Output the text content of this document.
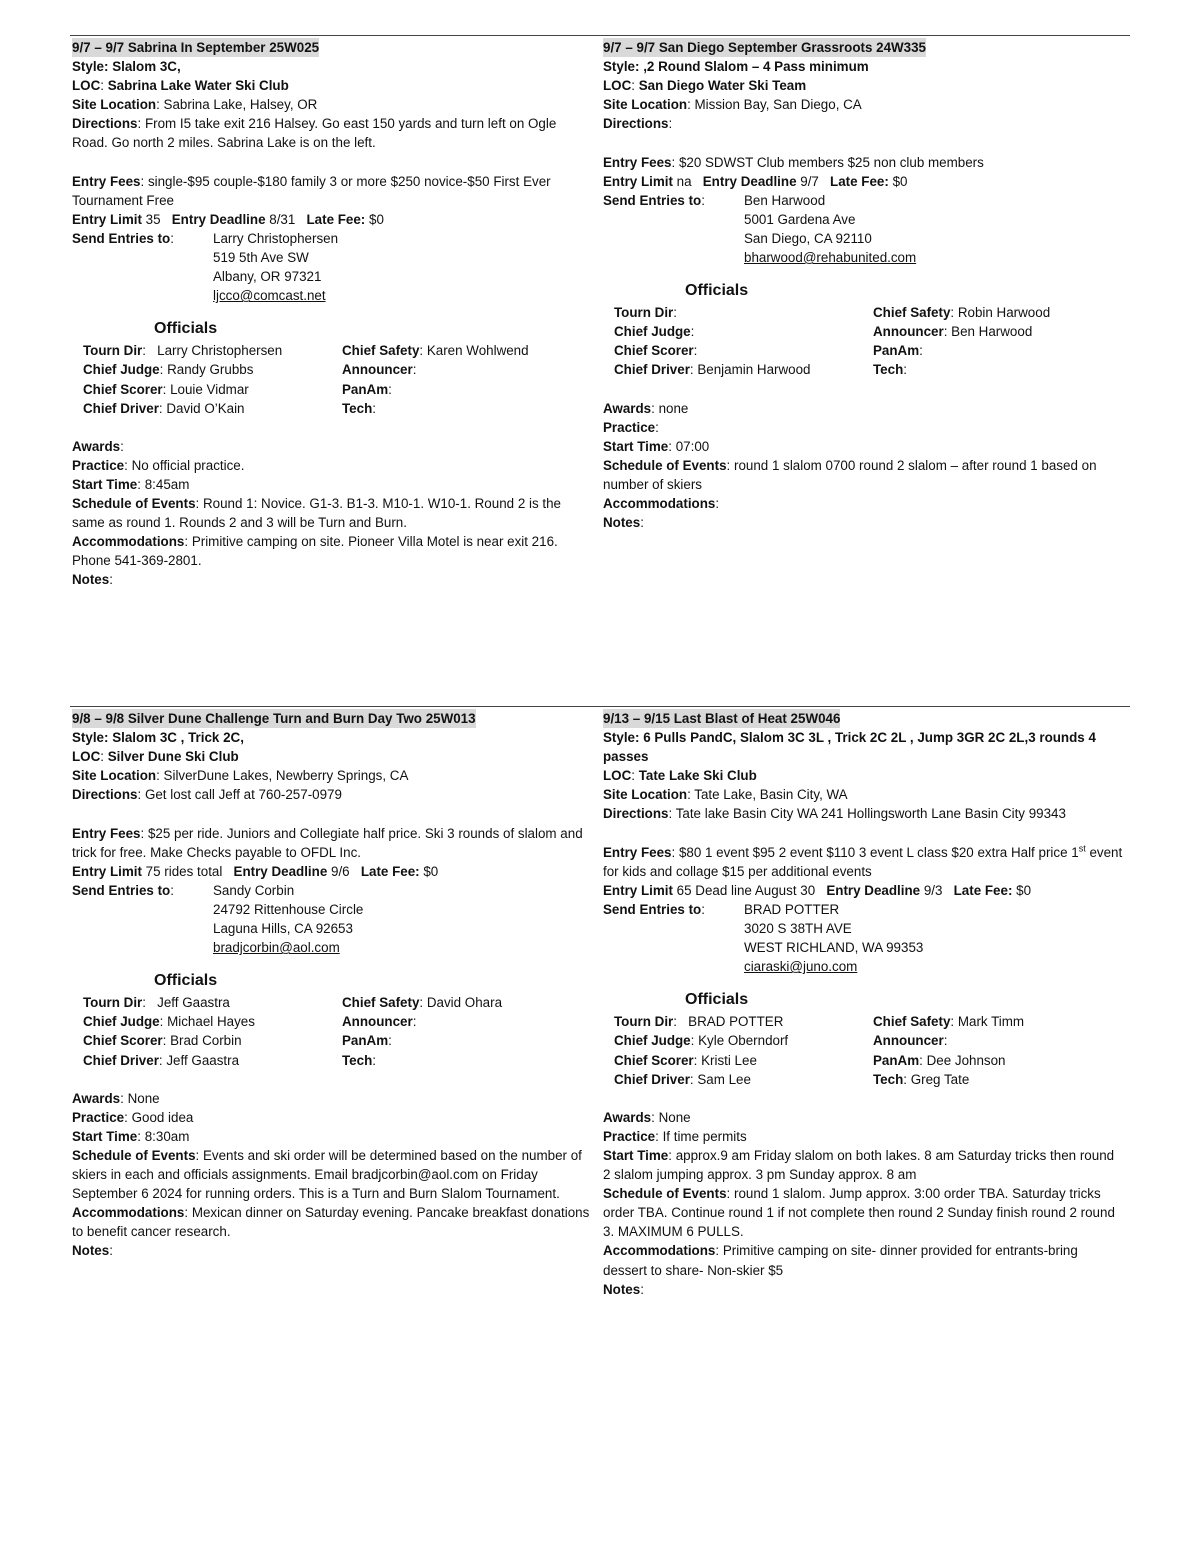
9/7 – 9/7 Sabrina In September 25W025

Style: Slalom 3C,

LOC: Sabrina Lake Water Ski Club

Site Location: Sabrina Lake, Halsey, OR

Directions: From I5 take exit 216 Halsey. Go east 150 yards and turn left on Ogle Road. Go north 2 miles. Sabrina Lake is on the left.

Entry Fees: single-$95 couple-$180 family 3 or more $250 novice-$50 First Ever Tournament Free

Entry Limit 35 Entry Deadline 8/31 Late Fee: $0

Send Entries to:	Larry Christophersen
519 5th Ave SW
Albany, OR 97321
ljcco@comcast.net
Officials
Tourn Dir:   Larry Christophersen	Chief Safety: Karen Wohlwend
Chief Judge: Randy Grubbs	Announcer:
Chief Scorer: Louie Vidmar	PanAm:
Chief Driver: David O’Kain	Tech:

Awards:

Practice: No official practice.

Start Time: 8:45am

Schedule of Events: Round 1: Novice. G1-3. B1-3. M10-1. W10-1. Round 2 is the same as round 1. Rounds 2 and 3 will be Turn and Burn.

Accommodations: Primitive camping on site. Pioneer Villa Motel is near exit 216. Phone 541-369-2801.

Notes:

9/7 – 9/7 San Diego September Grassroots 24W335

Style: ,2 Round Slalom – 4 Pass minimum

LOC: San Diego Water Ski Team

Site Location: Mission Bay, San Diego, CA

Directions:

Entry Fees: $20 SDWST Club members $25 non club members

Entry Limit na Entry Deadline 9/7 Late Fee: $0

Send Entries to:	Ben Harwood
5001 Gardena Ave
San Diego, CA 92110
bharwood@rehabunited.com
Officials
Tourn Dir:	Chief Safety: Robin Harwood
Chief Judge:	Announcer: Ben Harwood
Chief Scorer:	PanAm:
Chief Driver: Benjamin Harwood	Tech:

Awards: none

Practice:

Start Time: 07:00

Schedule of Events: round 1 slalom 0700 round 2 slalom – after round 1 based on number of skiers

Accommodations:

Notes:

9/8 – 9/8 Silver Dune Challenge Turn and Burn Day Two 25W013

Style: Slalom 3C , Trick 2C,

LOC: Silver Dune Ski Club

Site Location: SilverDune Lakes, Newberry Springs, CA

Directions: Get lost call Jeff at 760-257-0979

Entry Fees: $25 per ride. Juniors and Collegiate half price. Ski 3 rounds of slalom and trick for free. Make Checks payable to OFDL Inc.

Entry Limit 75 rides total Entry Deadline 9/6 Late Fee: $0

Send Entries to:	Sandy Corbin
24792 Rittenhouse Circle
Laguna Hills, CA 92653
bradjcorbin@aol.com
Officials
Tourn Dir:   Jeff Gaastra	Chief Safety: David Ohara
Chief Judge: Michael Hayes	Announcer:
Chief Scorer: Brad Corbin	PanAm:
Chief Driver: Jeff Gaastra	Tech:

Awards: None

Practice: Good idea

Start Time: 8:30am

Schedule of Events: Events and ski order will be determined based on the number of skiers in each and officials assignments. Email bradjcorbin@aol.com on Friday September 6 2024 for running orders. This is a Turn and Burn Slalom Tournament.

Accommodations: Mexican dinner on Saturday evening. Pancake breakfast donations to benefit cancer research.

Notes:

9/13 – 9/15 Last Blast of Heat 25W046

Style: 6 Pulls PandC, Slalom 3C 3L , Trick 2C 2L , Jump 3GR 2C 2L,3 rounds 4 passes

LOC: Tate Lake Ski Club

Site Location: Tate Lake, Basin City, WA

Directions: Tate lake Basin City WA 241 Hollingsworth Lane Basin City 99343

Entry Fees: $80 1 event $95 2 event $110 3 event L class $20 extra Half price 1st event for kids and collage $15 per additional events

Entry Limit 65 Dead line August 30 Entry Deadline 9/3 Late Fee: $0

Send Entries to:	BRAD POTTER
3020 S 38TH AVE
WEST RICHLAND, WA 99353
ciaraski@juno.com
Officials
Tourn Dir:   BRAD POTTER	Chief Safety: Mark Timm
Chief Judge: Kyle Oberndorf	Announcer:
Chief Scorer: Kristi Lee	PanAm: Dee Johnson
Chief Driver: Sam Lee	Tech: Greg Tate

Awards: None

Practice: If time permits

Start Time: approx.9 am Friday slalom on both lakes. 8 am Saturday tricks then round 2 slalom jumping approx. 3 pm Sunday approx. 8 am

Schedule of Events: round 1 slalom. Jump approx. 3:00 order TBA. Saturday tricks order TBA. Continue round 1 if not complete then round 2 Sunday finish round 2 round 3. MAXIMUM 6 PULLS.

Accommodations: Primitive camping on site- dinner provided for entrants-bring dessert to share- Non-skier $5

Notes:
